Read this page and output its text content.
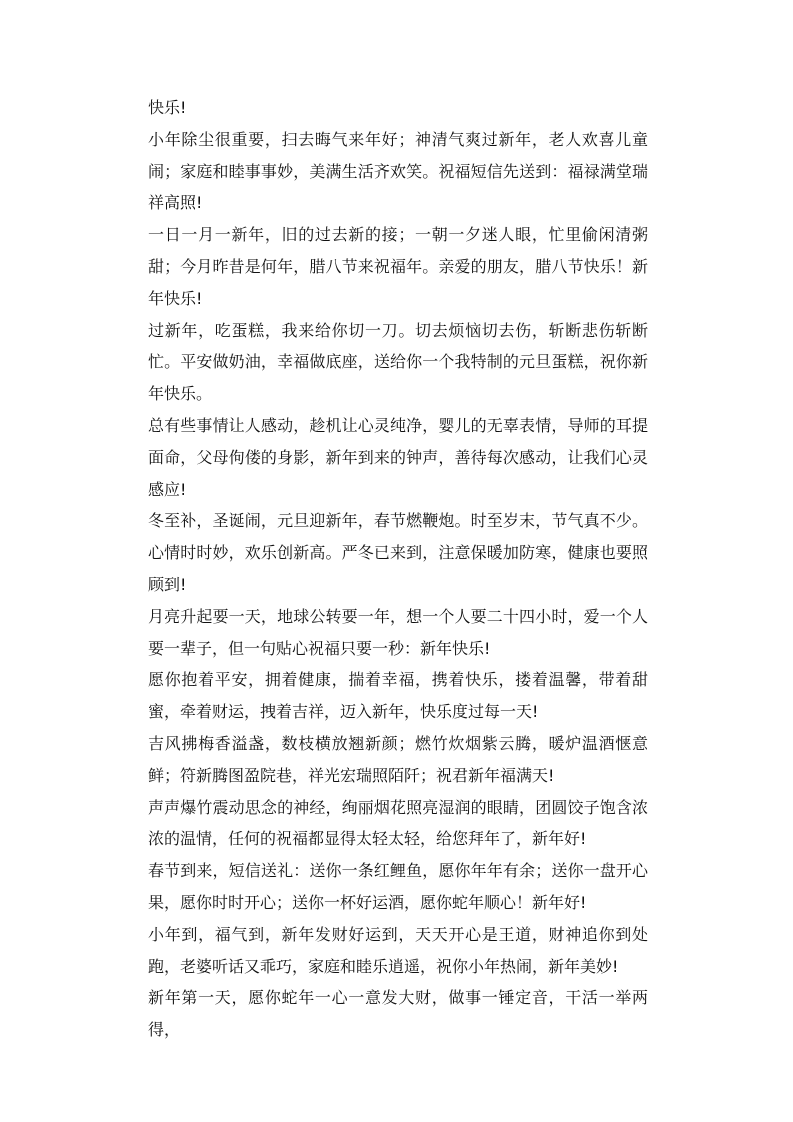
快乐!

小年除尘很重要，扫去晦气来年好；神清气爽过新年，老人欢喜儿童闹；家庭和睦事事妙，美满生活齐欢笑。祝福短信先送到：福禄满堂瑞祥高照!

一日一月一新年，旧的过去新的接；一朝一夕迷人眼，忙里偷闲清粥甜；今月昨昔是何年，腊八节来祝福年。亲爱的朋友，腊八节快乐！新年快乐!

过新年，吃蛋糕，我来给你切一刀。切去烦恼切去伤，斩断悲伤斩断忙。平安做奶油，幸福做底座，送给你一个我特制的元旦蛋糕，祝你新年快乐。

总有些事情让人感动，趁机让心灵纯净，婴儿的无辜表情，导师的耳提面命，父母佝偻的身影，新年到来的钟声，善待每次感动，让我们心灵感应!

冬至补，圣诞闹，元旦迎新年，春节燃鞭炮。时至岁末，节气真不少。心情时时妙，欢乐创新高。严冬已来到，注意保暖加防寒，健康也要照顾到!

月亮升起要一天，地球公转要一年，想一个人要二十四小时，爱一个人要一辈子，但一句贴心祝福只要一秒：新年快乐!

愿你抱着平安，拥着健康，揣着幸福，携着快乐，搂着温馨，带着甜蜜，牵着财运，拽着吉祥，迈入新年，快乐度过每一天!

吉风拂梅香溢盏，数枝横放翘新颜；燃竹炊烟紫云腾，暖炉温酒惬意鲜；符新腾图盈院巷，祥光宏瑞照陌阡；祝君新年福满天!

声声爆竹震动思念的神经，绚丽烟花照亮湿润的眼睛，团圆饺子饱含浓浓的温情，任何的祝福都显得太轻太轻，给您拜年了，新年好!

春节到来，短信送礼：送你一条红鲤鱼，愿你年年有余；送你一盘开心果，愿你时时开心；送你一杯好运酒，愿你蛇年顺心！新年好!

小年到，福气到，新年发财好运到，天天开心是王道，财神追你到处跑，老婆听话又乖巧，家庭和睦乐逍遥，祝你小年热闹，新年美妙!

新年第一天，愿你蛇年一心一意发大财，做事一锤定音，干活一举两得，
